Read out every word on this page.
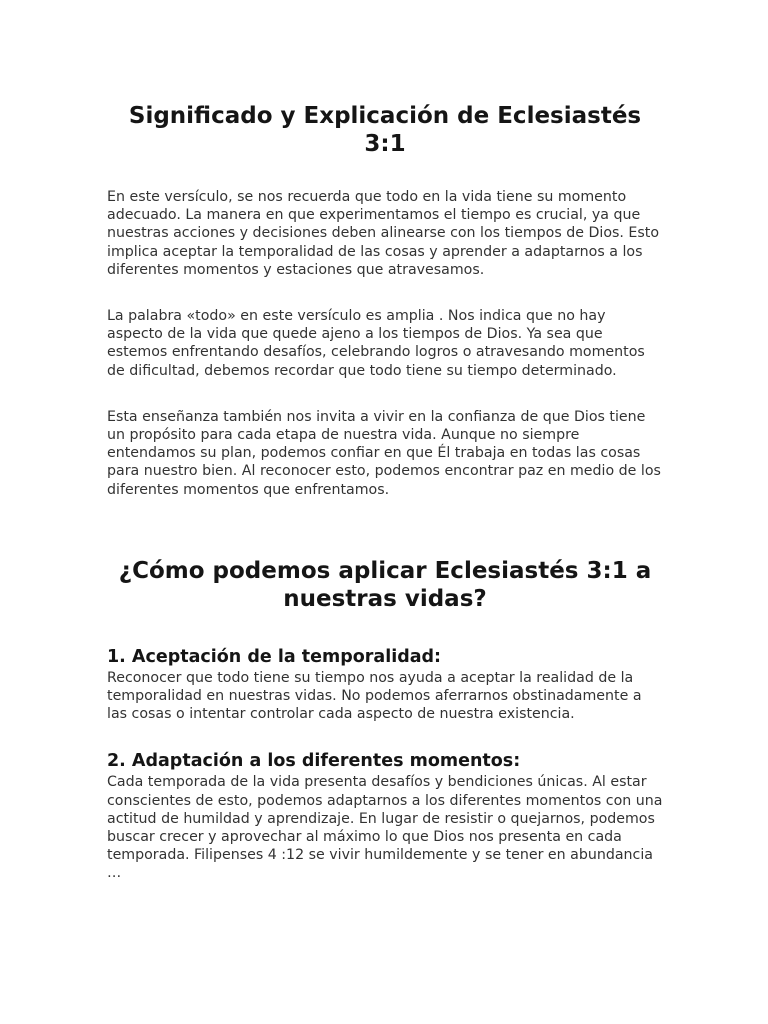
Significado y Explicación de Eclesiastés 3:1

En este versículo, se nos recuerda que todo en la vida tiene su momento adecuado. La manera en que experimentamos el tiempo es crucial, ya que nuestras acciones y decisiones deben alinearse con los tiempos de Dios. Esto implica aceptar la temporalidad de las cosas y aprender a adaptarnos a los diferentes momentos y estaciones que atravesamos.

La palabra «todo» en este versículo es amplia . Nos indica que no hay aspecto de la vida que quede ajeno a los tiempos de Dios. Ya sea que estemos enfrentando desafíos, celebrando logros o atravesando momentos de dificultad, debemos recordar que todo tiene su tiempo determinado.

Esta enseñanza también nos invita a vivir en la confianza de que Dios tiene un propósito para cada etapa de nuestra vida. Aunque no siempre entendamos su plan, podemos confiar en que Él trabaja en todas las cosas para nuestro bien. Al reconocer esto, podemos encontrar paz en medio de los diferentes momentos que enfrentamos.

¿Cómo podemos aplicar Eclesiastés 3:1 a nuestras vidas?
1. Aceptación de la temporalidad:

Reconocer que todo tiene su tiempo nos ayuda a aceptar la realidad de la temporalidad en nuestras vidas. No podemos aferrarnos obstinadamente a las cosas o intentar controlar cada aspecto de nuestra existencia.

2. Adaptación a los diferentes momentos:

Cada temporada de la vida presenta desafíos y bendiciones únicas. Al estar conscientes de esto, podemos adaptarnos a los diferentes momentos con una actitud de humildad y aprendizaje. En lugar de resistir o quejarnos, podemos buscar crecer y aprovechar al máximo lo que Dios nos presenta en cada temporada. Filipenses 4 :12 se vivir humildemente y se tener en abundancia …
